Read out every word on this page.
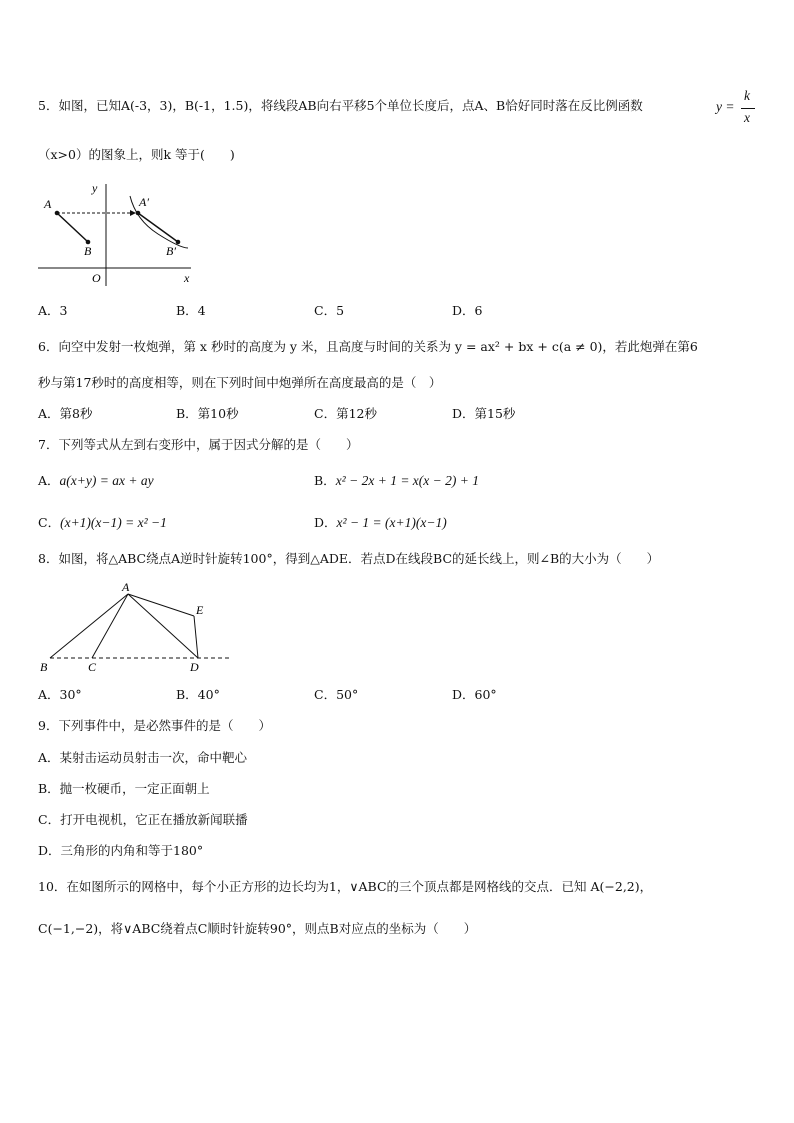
5．如图，已知A(-3，3)，B(-1，1.5)，将线段AB向右平移5个单位长度后，点A、B恰好同时落在反比例函数	y =
k
x
（x>0）的图象上，则k 等于(　　)
y
A	A′
B	B′
O	x
A．3	B．4	C．5	D．6
6．向空中发射一枚炮弹，第 x 秒时的高度为 y 米，且高度与时间的关系为 y = ax² + bx + c(a ≠ 0)，若此炮弹在第6
秒与第17秒时的高度相等，则在下列时间中炮弹所在高度最高的是（　）
A．第8秒	B．第10秒	C．第12秒	D．第15秒
7．下列等式从左到右变形中，属于因式分解的是（　　）
A．a(x+y) = ax + ay	B．x² − 2x + 1 = x(x − 2) + 1
C．(x+1)(x−1) = x² −1	D．x² − 1 = (x+1)(x−1)
8．如图，将△ABC绕点A逆时针旋转100°，得到△ADE．若点D在线段BC的延长线上，则∠B的大小为（　　）
A
B	C	D
E
A．30°	B．40°	C．50°	D．60°
9．下列事件中，是必然事件的是（　　）
A．某射击运动员射击一次，命中靶心
B．抛一枚硬币，一定正面朝上
C．打开电视机，它正在播放新闻联播
D．三角形的内角和等于180°
10．在如图所示的网格中，每个小正方形的边长均为1，∨ABC的三个顶点都是网格线的交点．已知 A(−2,2)，
C(−1,−2)，将∨ABC绕着点C顺时针旋转90°，则点B对应点的坐标为（　　）
